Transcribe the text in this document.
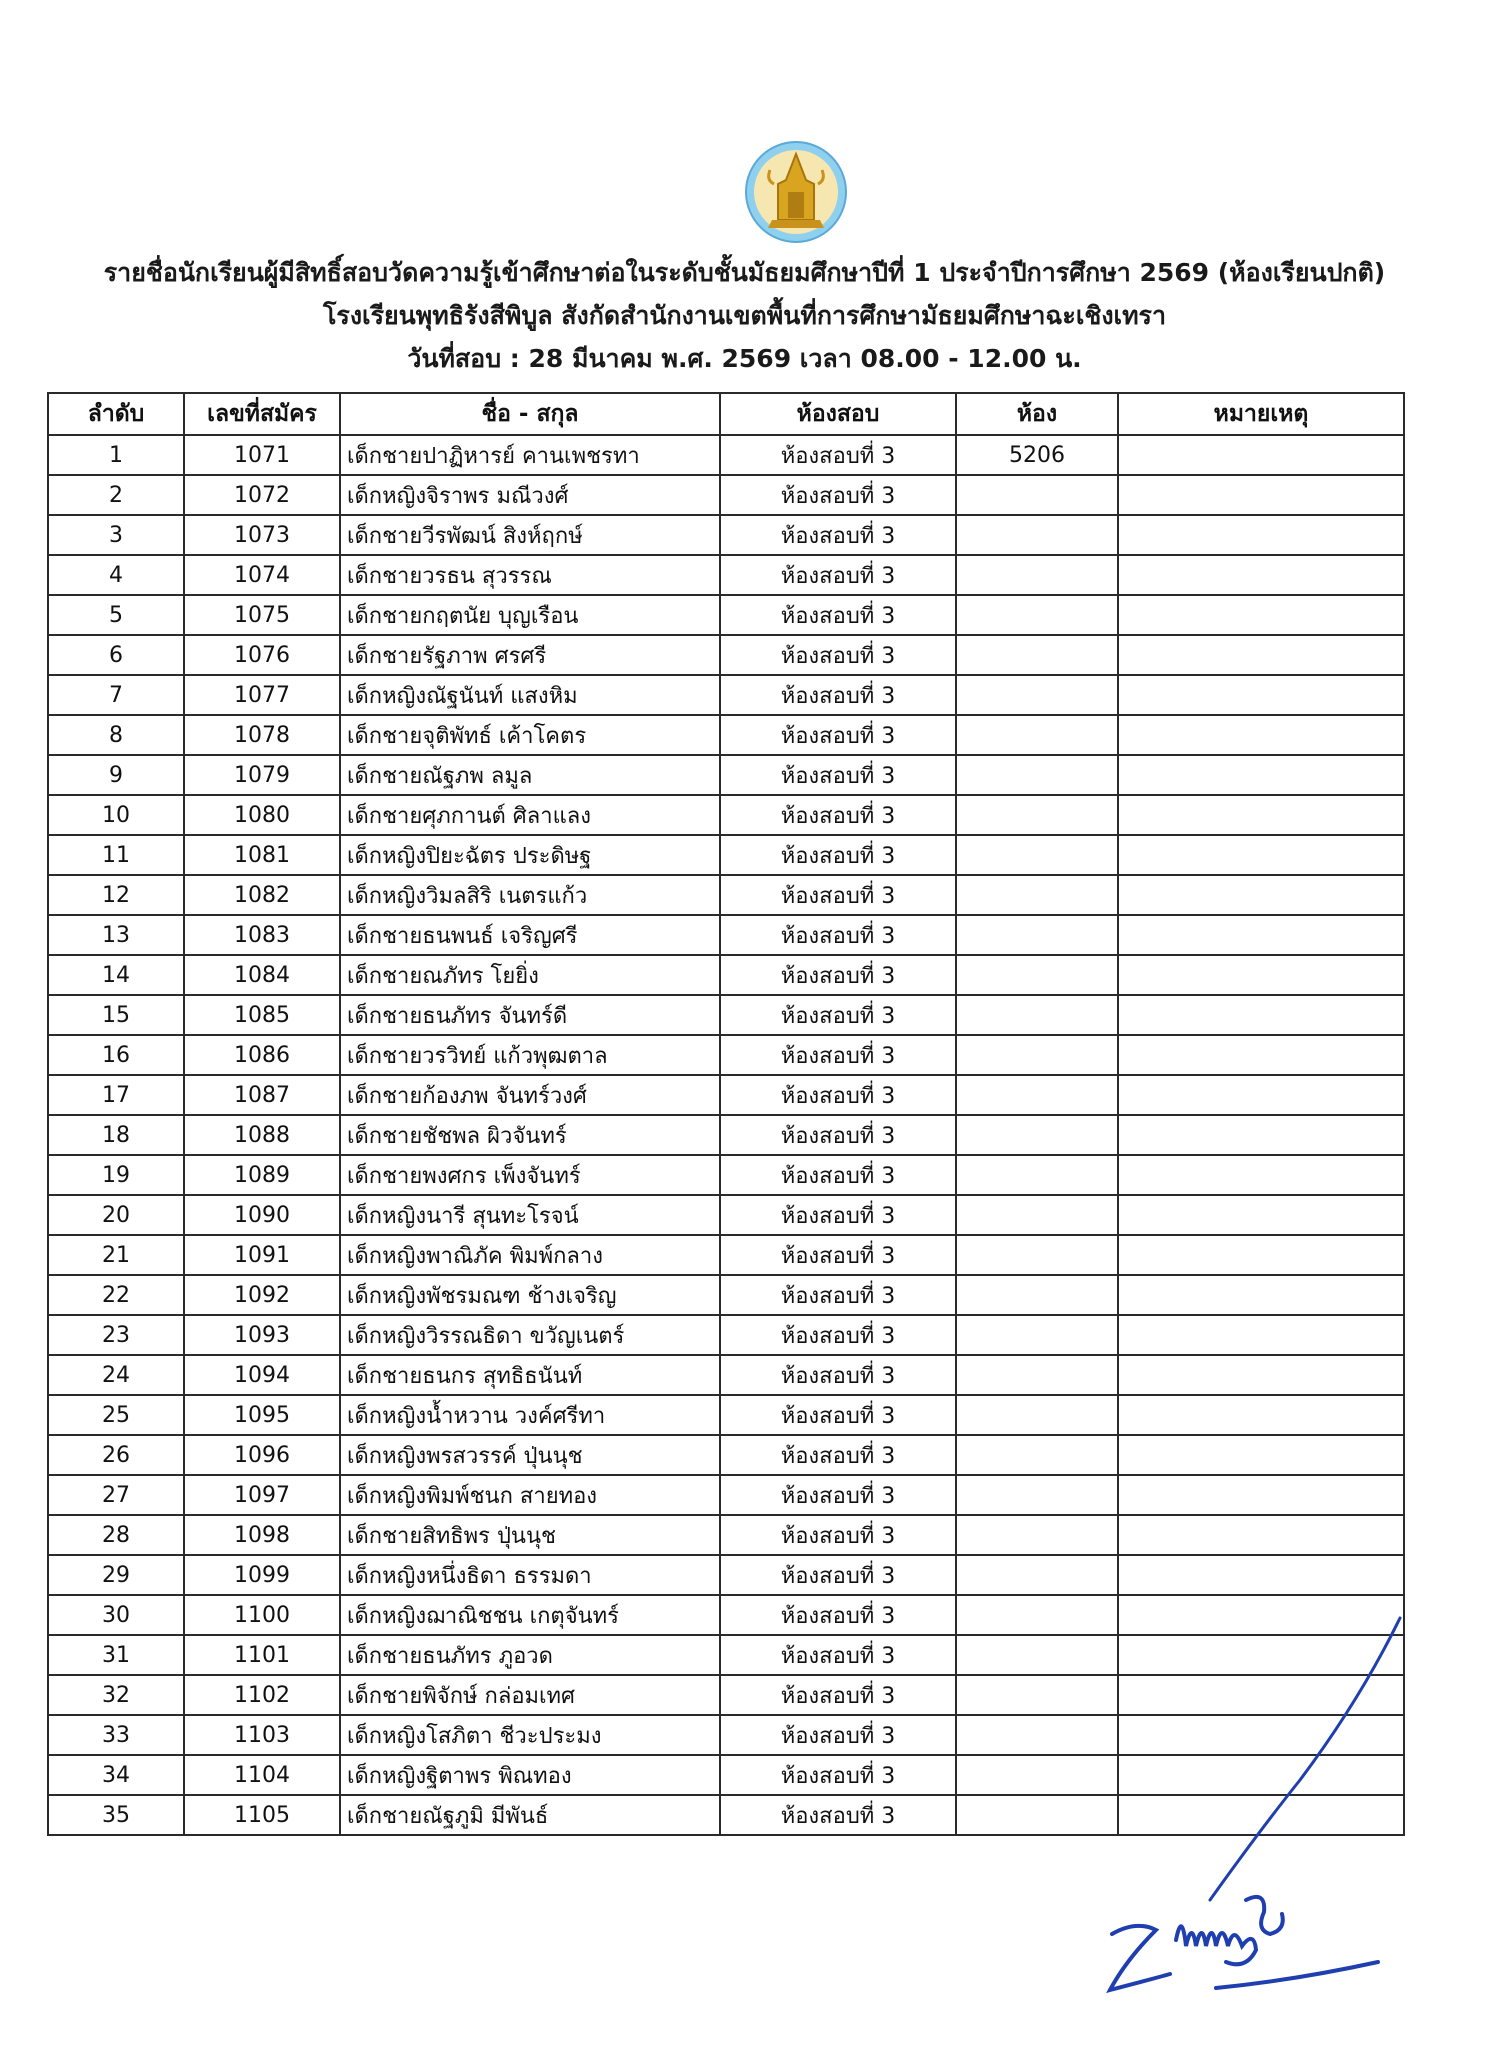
รายชื่อนักเรียนผู้มีสิทธิ์สอบวัดความรู้เข้าศึกษาต่อในระดับชั้นมัธยมศึกษาปีที่ 1 ประจำปีการศึกษา 2569 (ห้องเรียนปกติ)
โรงเรียนพุทธิรังสีพิบูล สังกัดสำนักงานเขตพื้นที่การศึกษามัธยมศึกษาฉะเชิงเทรา
วันที่สอบ : 28 มีนาคม พ.ศ. 2569 เวลา 08.00 - 12.00 น.
ลำดับ	เลขที่สมัคร	ชื่อ - สกุล	ห้องสอบ	ห้อง	หมายเหตุ
1	1071	เด็กชายปาฏิหารย์ คานเพชรทา	ห้องสอบที่ 3	5206	
2	1072	เด็กหญิงจิราพร มณีวงศ์	ห้องสอบที่ 3		
3	1073	เด็กชายวีรพัฒน์ สิงห์ฤกษ์	ห้องสอบที่ 3		
4	1074	เด็กชายวรธน สุวรรณ	ห้องสอบที่ 3		
5	1075	เด็กชายกฤตนัย บุญเรือน	ห้องสอบที่ 3		
6	1076	เด็กชายรัฐภาพ ศรศรี	ห้องสอบที่ 3		
7	1077	เด็กหญิงณัฐนันท์ แสงหิม	ห้องสอบที่ 3		
8	1078	เด็กชายจุติพัทธ์ เค้าโคตร	ห้องสอบที่ 3		
9	1079	เด็กชายณัฐภพ ลมูล	ห้องสอบที่ 3		
10	1080	เด็กชายศุภกานต์ ศิลาแลง	ห้องสอบที่ 3		
11	1081	เด็กหญิงปิยะฉัตร ประดิษฐ	ห้องสอบที่ 3		
12	1082	เด็กหญิงวิมลสิริ เนตรแก้ว	ห้องสอบที่ 3		
13	1083	เด็กชายธนพนธ์ เจริญศรี	ห้องสอบที่ 3		
14	1084	เด็กชายณภัทร โยยิ่ง	ห้องสอบที่ 3		
15	1085	เด็กชายธนภัทร จันทร์ดี	ห้องสอบที่ 3		
16	1086	เด็กชายวรวิทย์ แก้วพุฒตาล	ห้องสอบที่ 3		
17	1087	เด็กชายก้องภพ จันทร์วงศ์	ห้องสอบที่ 3		
18	1088	เด็กชายชัชพล ผิวจันทร์	ห้องสอบที่ 3		
19	1089	เด็กชายพงศกร เพ็งจันทร์	ห้องสอบที่ 3		
20	1090	เด็กหญิงนารี สุนทะโรจน์	ห้องสอบที่ 3		
21	1091	เด็กหญิงพาณิภัค พิมพ์กลาง	ห้องสอบที่ 3		
22	1092	เด็กหญิงพัชรมณฑ ช้างเจริญ	ห้องสอบที่ 3		
23	1093	เด็กหญิงวิรรณธิดา ขวัญเนตร์	ห้องสอบที่ 3		
24	1094	เด็กชายธนกร สุทธิธนันท์	ห้องสอบที่ 3		
25	1095	เด็กหญิงน้ำหวาน วงค์ศรีทา	ห้องสอบที่ 3		
26	1096	เด็กหญิงพรสวรรค์ ปุ่นนุช	ห้องสอบที่ 3		
27	1097	เด็กหญิงพิมพ์ชนก สายทอง	ห้องสอบที่ 3		
28	1098	เด็กชายสิทธิพร ปุ่นนุช	ห้องสอบที่ 3		
29	1099	เด็กหญิงหนึ่งธิดา ธรรมดา	ห้องสอบที่ 3		
30	1100	เด็กหญิงฌาณิชชน เกตุจันทร์	ห้องสอบที่ 3		
31	1101	เด็กชายธนภัทร ภูอวด	ห้องสอบที่ 3		
32	1102	เด็กชายพิจักษ์ กล่อมเทศ	ห้องสอบที่ 3		
33	1103	เด็กหญิงโสภิตา ชีวะประมง	ห้องสอบที่ 3		
34	1104	เด็กหญิงฐิตาพร พิณทอง	ห้องสอบที่ 3		
35	1105	เด็กชายณัฐภูมิ มีพันธ์	ห้องสอบที่ 3		
